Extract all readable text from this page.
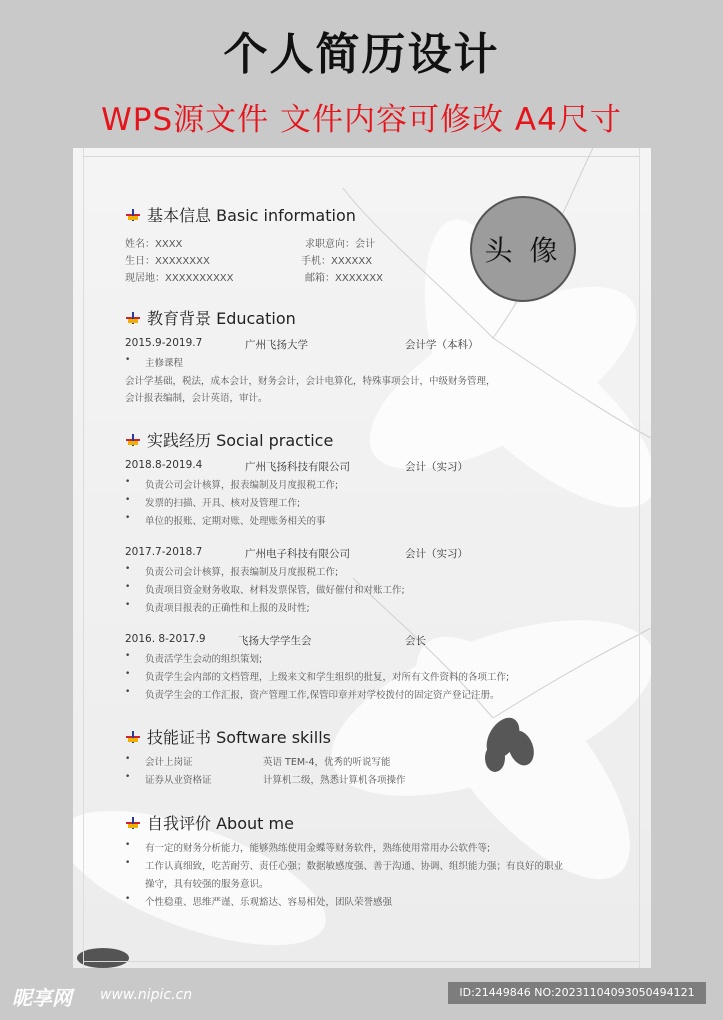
个人简历设计
WPS源文件 文件内容可修改 A4尺寸
头 像
基本信息 Basic information
姓名：XXXX	求职意向：会计
生日：XXXXXXXX	手机：XXXXXX
现居地：XXXXXXXXXX	邮箱：XXXXXXX
教育背景 Education
2015.9-2019.7	广州飞扬大学	会计学（本科）
•	主修课程
会计学基础，税法，成本会计，财务会计，会计电算化，特殊事项会计，中级财务管理，
会计报表编制，会计英语，审计。
实践经历 Social practice
2018.8-2019.4	广州飞扬科技有限公司	会计（实习）
•	负责公司会计核算，报表编制及月度报税工作;
•	发票的扫描、开具、核对及管理工作;
•	单位的报账、定期对账、处理账务相关的事
2017.7-2018.7	广州电子科技有限公司	会计（实习）
•	负责公司会计核算，报表编制及月度报税工作;
•	负责项目资金财务收取、材料发票保管，做好催付和对账工作;
•	负责项目报表的正确性和上报的及时性;
2016. 8-2017.9	飞扬大学学生会	会长
•	负责活学生会动的组织策划;
•	负责学生会内部的文档管理，上级来文和学生组织的批复，对所有文件资料的各项工作;
•	负责学生会的工作汇报，资产管理工作,保管印章并对学校拨付的固定资产登记注册。
技能证书 Software skills
•	会计上岗证	英语 TEM-4，优秀的听说写能
•	证券从业资格证	计算机二级，熟悉计算机各项操作
自我评价 About me
•	有一定的财务分析能力，能够熟练使用金蝶等财务软件，熟练使用常用办公软件等;
•	工作认真细致，吃苦耐劳、责任心强；数据敏感度强、善于沟通、协调、组织能力强；有良好的职业
操守，具有较强的服务意识。
•	个性稳重、思维严谨、乐观豁达、容易相处，团队荣誉感强
昵享网 www.nipic.cn	ID:21449846 NO:20231104093050494121
